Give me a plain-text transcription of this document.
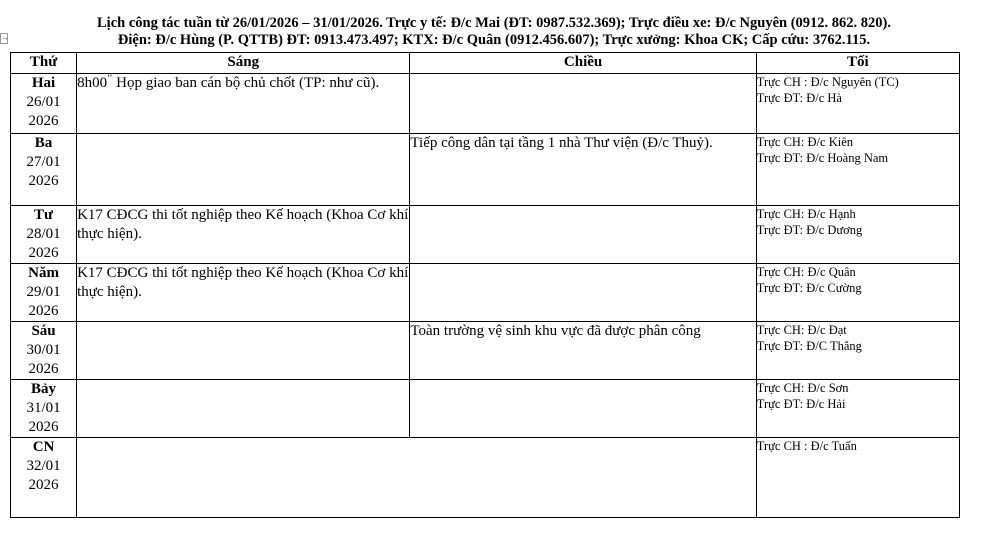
→
Lịch công tác tuần từ 26/01/2026 – 31/01/2026. Trực y tế: Đ/c Mai (ĐT: 0987.532.369); Trực điều xe: Đ/c Nguyên (0912. 862. 820).
Điện: Đ/c Hùng (P. QTTB) ĐT: 0913.473.497; KTX: Đ/c Quân (0912.456.607); Trực xưởng: Khoa CK; Cấp cứu: 3762.115.
Thứ	Sáng	Chiều	Tối

Hai
26/01
2026	8h00’’ Họp giao ban cán bộ chủ chốt (TP: như cũ).		Trực CH : Đ/c Nguyên (TC)
Trực ĐT: Đ/c Hà

Ba
27/01
2026		Tiếp công dân tại tầng 1 nhà Thư viện (Đ/c Thuỷ).	Trực CH: Đ/c Kiên
Trực ĐT: Đ/c Hoàng Nam

Tư
28/01
2026	K17 CĐCG thi tốt nghiệp theo Kế hoạch (Khoa Cơ khí thực hiện).		Trực CH: Đ/c Hạnh
Trực ĐT: Đ/c Dương

Năm
29/01
2026	K17 CĐCG thi tốt nghiệp theo Kế hoạch (Khoa Cơ khí thực hiện).		Trực CH: Đ/c Quân
Trực ĐT: Đ/c Cường

Sáu
30/01
2026		Toàn trường vệ sinh khu vực đã được phân công	Trực CH: Đ/c Đạt
Trực ĐT: Đ/C Thắng

Bảy
31/01
2026			Trực CH: Đ/c Sơn
Trực ĐT: Đ/c Hải

CN
32/01
2026			Trực CH : Đ/c Tuấn
